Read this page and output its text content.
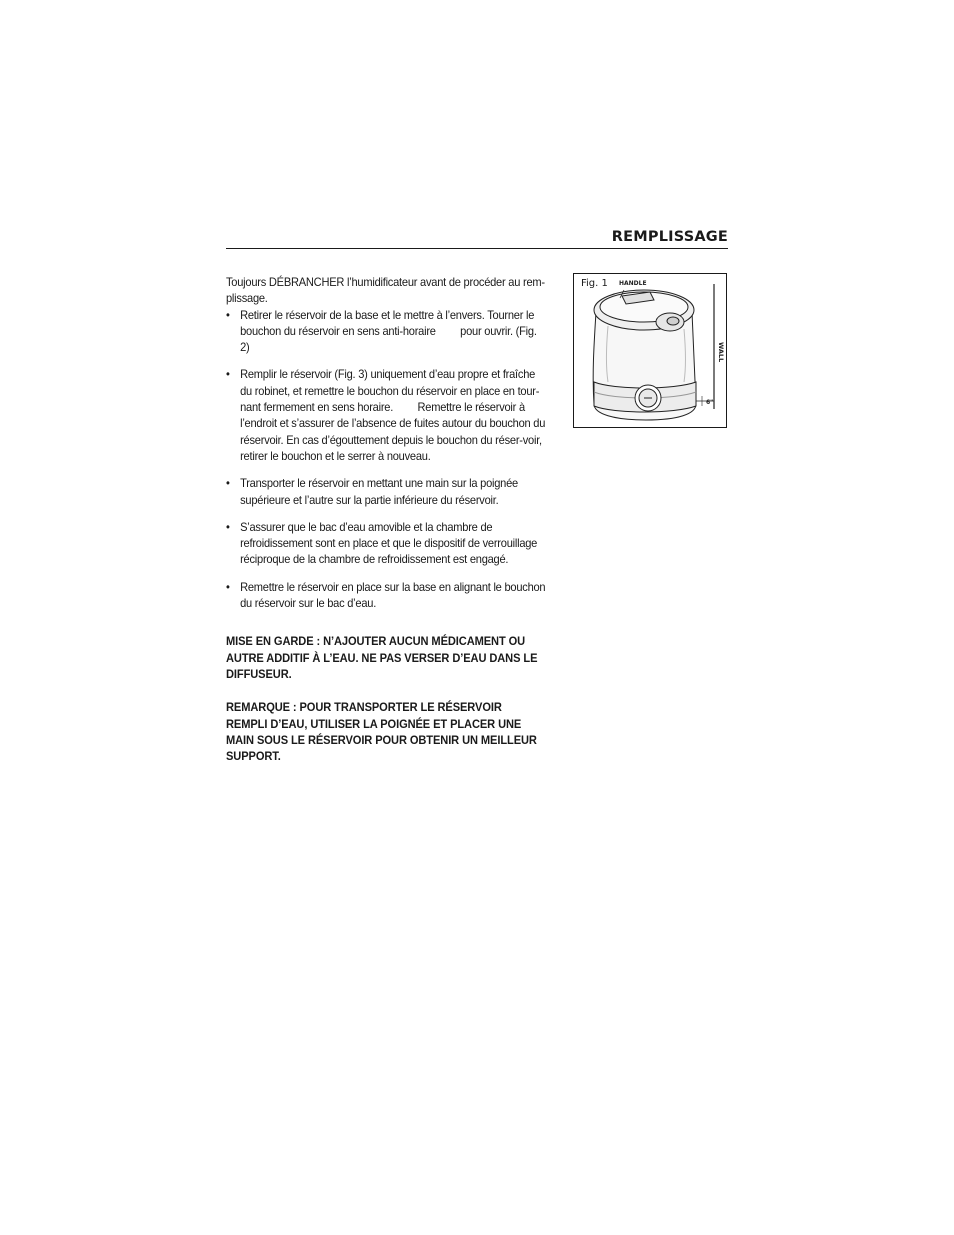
REMPLISSAGE

Toujours DÉBRANCHER l’humidificateur avant de procéder au rem-plissage.

• Retirer le réservoir de la base et le mettre à l’envers. Tourner le bouchon du réservoir en sens anti-horaire pour ouvrir. (Fig. 2)
• Remplir le réservoir (Fig. 3) uniquement d’eau propre et fraîche du robinet, et remettre le bouchon du réservoir en place en tour-nant fermement en sens horaire. Remettre le réservoir à l’endroit et s’assurer de l’absence de fuites autour du bouchon du réservoir. En cas d’égouttement depuis le bouchon du réser-voir, retirer le bouchon et le serrer à nouveau.
• Transporter le réservoir en mettant une main sur la poignée supérieure et l’autre sur la partie inférieure du réservoir.
• S’assurer que le bac d’eau amovible et la chambre de refroidissement sont en place et que le dispositif de verrouillage réciproque de la chambre de refroidissement est engagé.
• Remettre le réservoir en place sur la base en alignant le bouchon du réservoir sur le bac d’eau.

MISE EN GARDE : N’AJOUTER AUCUN MÉDICAMENT OU AUTRE ADDITIF À L’EAU. NE PAS VERSER D’EAU DANS LE DIFFUSEUR.

REMARQUE : POUR TRANSPORTER LE RÉSERVOIR REMPLI D’EAU, UTILISER LA POIGNÉE ET PLACER UNE MAIN SOUS LE RÉSERVOIR POUR OBTENIR UN MEILLEUR SUPPORT.

Fig. 1 HANDLE
WALL
6"
